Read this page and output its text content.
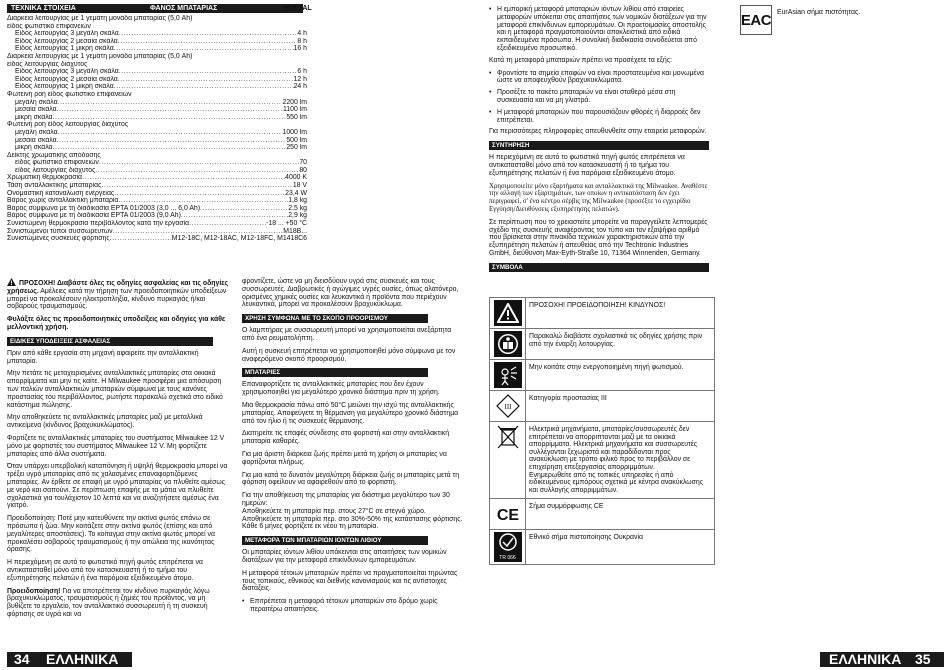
ΤΕΧΝΙΚΑ ΣΤΟΙΧΕΙΑ	ΦΑΝΟΣ ΜΠΑΤΑΡΙΑΣ	M18 TAL
Διάρκεια λειτουργίας με 1 γεμάτη μονάδα μπαταρίας (5,0 Ah)
είδος φωτιστικό επιφανειών
Είδος λειτουργίας 3 μεγάλη σκάλα .....	4 h
Είδος λειτουργίας 2 μεσαία σκάλα .....	8 h
Είδος λειτουργίας 1 μικρή σκάλα .....	16 h
Διάρκεια λειτουργίας με 1 γεμάτη μονάδα μπαταρίας (5,0 Ah)
είδος λειτουργίας διάχυτος
Είδος λειτουργίας 3 μεγάλη σκάλα .....	6 h
Είδος λειτουργίας 2 μεσαία σκάλα .....	12 h
Είδος λειτουργίας 1 μικρή σκάλα .....	24 h
Φωτεινή ροή είδος φωτιστικό επιφανειών
μεγάλη σκάλα .....	2200 lm
μεσαία σκάλα .....	1100 lm
μικρή σκάλα .....	550 lm
Φωτεινή ροή είδος λειτουργίας διάχυτος
μεγάλη σκάλα .....	1000 lm
μεσαία σκάλα .....	500 lm
μικρή σκάλα .....	250 lm
Δείκτης χρωματικής απόδοσης
είδος φωτιστικό επιφανειών .....	70
είδος λειτουργίας διάχυτος .....	80
Χρωματική θερμοκρασία .....	4000 K
Τάση ανταλλακτικής μπαταρίας .....	18 V
Ονομαστική καταναλωση ενέργειας .....	23,4 W
Βάρος χωρίς ανταλλακτική μπαταρία .....	1,8 kg
Βάρος σύμφωνα με τη διαδικασία EPTA 01/2003 (3,0 ... 6,0 Ah) .....	2,5 kg
Βάρος σύμφωνα με τη διαδικασία EPTA 01/2003 (9,0 Ah) .....	2,9 kg
Συνιστώμενη θερμοκρασία περιβάλλοντος κατά την εργασία .....	-18 ... +50 °C
Συνιστώμενοι τύποι συσσωρευτών .....	M18B...
Συνιστώμενες συσκευές φόρτισης .....	M12-18C, M12-18AC, M12-18FC, M1418C6

ΠΡΟΣΟΧΗ! Διαβάστε όλες τις οδηγίες ασφαλείας και τις οδηγίες χρήσεως. Αμέλειες κατά την τήρηση των προειδοποιητικών υποδείξεων μπορεί να προκαλέσουν ηλεκτροπληξία, κίνδυνο πυρκαγιάς ή/και σοβαρούς τραυματισμούς.

Φυλάξτε όλες τις προειδοποιητικές υποδείξεις και οδηγίες για κάθε μελλοντική χρήση.

ΕΙΔΙΚΕΣ ΥΠΟΔΕΙΞΕΙΣ ΑΣΦΑΛΕΙΑΣ

Πριν από κάθε εργασία στη μηχανή αφαιρείτε την ανταλλακτική μπαταρία.

Μην πετάτε τις μεταχειρισμένες ανταλλακτικές μπαταρίες στα οικιακά απορρίμματα και μην τις καίτε. Η Milwaukee προσφέρει μια απόσυρση των παλιών ανταλλακτικών μπαταριών σύμφωνα με τους κανόνες προστασίας του περιβάλλοντος, ρωτήστε παρακαλώ σχετικά στο ειδικό κατάστημα πώλησης.

Μην αποθηκεύετε τις ανταλλακτικές μπαταρίες μαζί με μεταλλικά αντικείμενα (κίνδυνος βραχυκυκλώματος).

Φορτίζετε τις ανταλλακτικές μπαταρίες του συστήματος Milwaukee 12 V μόνο με φορτιστές του συστήματος Milwaukee 12 V. Μη φορτίζετε μπαταρίες από άλλα συστήματα.

Όταν υπάρχει υπερβολική καταπόνηση ή υψηλή θερμοκρασία μπορεί να τρέξει υγρό μπαταρίας από τις χαλασμένες επαναφορτιζόμενες μπαταρίες. Αν έρθετε σε επαφή με υγρό μπαταρίας να πλυθείτε αμέσως με νερό και σαπούνι. Σε περίπτωση επαφής με τα μάτια να πλυθείτε σχολαστικά για τουλάχιστον 10 λεπτά και να αναζητήσετε αμέσως ένα γιατρό.

Προειδοποίηση: Ποτέ μην κατευθύνετε την ακτίνα φωτός επάνω σε πρόσωπα ή ζώα. Μην κοιτάζετε στην ακτίνα φωτός (επίσης και από μεγαλύτερες αποστάσεις). Το κοίταγμα στην ακτίνα φωτός μπορεί να προκαλέσει σοβαρούς τραυματισμούς ή την απώλεια της ικανότητας όρασης.

Η περιεχόμενη σε αυτό το φωτιστικό πηγή φωτός επιτρέπεται να αντικατασταθεί μόνο από τον κατασκευαστή ή το τμήμα του εξυπηρέτησης πελατών ή ένα παρόμοια εξειδικευμένο άτομο.

Προειδοποίηση! Για να αποτρέπεται τον κίνδυνο πυρκαγιάς λόγω βραχυκυκλώματος, τραυματισμούς ή ζημιές του προϊόντος, να μη βυθίζετε το εργαλείο, τον ανταλλακτικό συσσωρευτή ή τη συσκευή φόρτισης σε υγρά και να

φροντίζετε, ώστε να μη διεισδύουν υγρά στις συσκευές και τους συσσωρευτές. Διαβρωτικές ή αγώγιμες υγρές ουσίες, όπως αλατόνερο, ορισμένες χημικές ουσίες και λευκαντικά ή προϊόντα που περιέχουν λευκαντικά, μπορεί να προκαλέσουν βραχυκύκλωμα.

ΧΡΗΣΗ ΣΥΜΦΩΝΑ ΜΕ ΤΟ ΣΚΟΠΟ ΠΡΟΟΡΙΣΜΟΥ

Ο λαμπτήρας με συσσωρευτή μπορεί να χρησιμοποιείται ανεξάρτητα από ένα ρευματολήπτη.

Αυτή η συσκευή επιτρέπεται να χρησιμοποιηθεί μόνο σύμφωνα με τον αναφερόμενο σκοπό προορισμού.

ΜΠΑΤΑΡΙΕΣ

Επαναφορτίζετε τις ανταλλακτικές μπαταρίες που δεν έχουν χρησιμοποιηθεί για μεγαλύτερο χρονικό διάστημα πριν τη χρήση.

Μια θερμοκρασία πάνω από 50°C μειώνει την ισχύ της ανταλλακτικής μπαταρίας. Αποφεύγετε τη θέρμανση για μεγαλύτερο χρονικό διάστημα από τον ήλιο ή τις συσκευές θέρμανσης.

Διατηρείτε τις επαφές σύνδεσης στο φορτιστή και στην ανταλλακτική μπαταρία καθαρές.

Για μια άριστη διάρκεια ζωής πρέπει μετά τη χρήση οι μπαταρίες να φορτίζονται πλήρως.

Για μια κατά το δυνατόν μεγαλύτερη διάρκεια ζωής οι μπαταρίες μετά τη φόρτιση οφείλουν να αφαιρεθούν από το φορτιστή.

Για την αποθήκευση της μπαταρίας για διάστημα μεγαλύτερο των 30 ημερών:
Αποθηκεύετε τη μπαταρία περ. στους 27°C σε στεγνό χώρο.
Αποθηκεύετε τη μπαταρία περ. στο 30%-50% της κατάστασης φόρτισης.
Κάθε 6 μήνες φορτίζετε εκ νέου τη μπαταρία.

ΜΕΤΑΦΟΡΑ ΤΩΝ ΜΠΑΤΑΡΙΩΝ ΙΟΝΤΩΝ ΛΙΘΙΟΥ

Οι μπαταρίες ιόντων λιθίου υπόκεινται στις απαιτήσεις των νομικών διατάξεων για την μεταφορά επικίνδυνων εμπορευμάτων.

Η μεταφορά τέτοιων μπαταριών πρέπει να πραγματοποιείται τηρώντας τους τοπικούς, εθνικούς και διεθνής κανονισμούς και τις αντίστοιχες διατάξεις.

• Επιτρέπεται η μεταφορά τέτοιων μπαταριών στο δρόμο χωρίς περαιτέρω απαιτήσεις.
34 ΕΛΛΗΝΙΚΑ
• Η εμπορική μεταφορά μπαταριών ιόντων λιθίου από εταιρείες μεταφορών υπόκειται στις απαιτήσεις των νομικών διατάξεων για την μεταφορά επικίνδυνων εμπορευμάτων. Οι προετοιμασίες αποστολής και η μεταφορά πραγματοποιούνται αποκλειστικά από ειδικά εκπαιδευμένα πρόσωπα. Η συνολική διαδικασία συνοδεύεται από εξειδικευμένο προσωπικό.

Κατά τη μεταφορά μπαταριών πρέπει να προσέχετε τα εξής:

• Φροντίστε τα σημεία επαφών να είναι προστατευμένα και μονωμένα ώστε να αποφευχθούν βραχυκυκλώματα.
• Προσέξτε το πακέτο μπαταριών να είναι σταθερό μέσα στη συσκευασία και να μη γλιστρά.
• Η μεταφορά μπαταριών που παρουσιάζουν φθορές ή διαρροές δεν επιτρέπεται.

Για περισσότερες πληροφορίες απευθυνθείτε στην εταιρεία μεταφορών.

ΣΥΝΤΗΡΗΣΗ

Η περιεχόμενη σε αυτό το φωτιστικό πηγή φωτός επιτρέπεται να αντικατασταθεί μόνο από τον κατασκευαστή ή το τμήμα του εξυπηρέτησης πελατών ή ένα παρόμοια εξειδικευμένο άτομο.

Χρησιμοποιείτε μόνο εξαρτήματα και ανταλλακτικά της Milwaukee. Αναθέστε την αλλαγή των εξαρτημάτων, των οποίων η αντικατάσταση δεν έχει περιγραφεί, σ' ένα κέντρο σέρβις της Milwaukee (προσέξτε το εγχειρίδιο Εγγύηση/Διευθύνσεις εξυπηρέτησης πελατών).

Σε περίπτωση που το χρειαστείτε μπορείτε να παραγγείλετε λεπτομερές σχέδιο της συσκευής αναφέροντας τον τύπο και τον εξαψήφιο αριθμό που βρίσκεται στην πινακίδα τεχνικών χαρακτηριστικών από την εξυπηρέτηση πελατών ή απευθείας από την Techtronic Industries GmbH, διεύθυνση Max-Eyth-Straße 10, 71364 Winnenden, Germany.

ΣΥΜΒΟΛΑ
	ΠΡΟΣΟΧΗ! ΠΡΟΕΙΔΟΠΟΙΗΣΗ! ΚΙΝΔΥΝΟΣ!

	Παρακαλώ διαβάστε σχολαστικά τις οδηγίες χρήσης πριν από την έναρξη λειτουργίας.

	Μην κοιτάτε στην ενεργοποιημένη πηγή φωτισμού.

III	Κατηγορία προστασίας III

	Ηλεκτρικά μηχανήματα, μπαταρίες/συσσωρευτές δεν επιτρέπεται να απορριπτονται μαζί με τα οικιακά απορρίμματα. Ηλεκτρικά μηχανήματα και συσσωρευτές συλλέγονται ξεχωριστά και παραδίδονται προς ανακύκλωση με τρόπο φιλικό προς το περιβάλλον σε επιχείρηση επεξεργασίας απορριμμάτων.
Ενημερωθείτε από τις τοπικές υπηρεσίες ή από ειδικευμένους εμπόρους σχετικά με κέντρα ανακύκλωσης και συλλογής απορριμμάτων.

CE	Σήμα συμμόρφωσης CE

TR 066	Εθνικό σήμα πιστοποίησης Ουκρανία
EAC EurAsian σήμα πιστότητας.
ΕΛΛΗΝΙΚΑ 35
